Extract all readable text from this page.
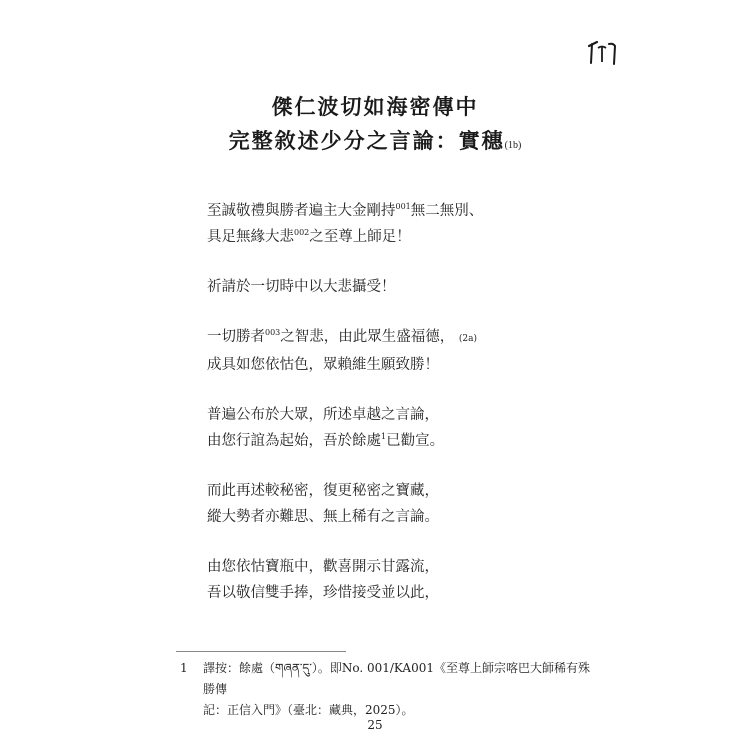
傑仁波切如海密傳中
完整敘述少分之言論：實穗(1b)
至誠敬禮與勝者遍主大金剛持$^{001}$無二無別、
具足無緣大悲$^{002}$之至尊上師足！
祈請於一切時中以大悲攝受！
一切勝者$^{003}$之智悲，由此眾生盛福德， (2a)
成具如您依怙色，眾賴維生願致勝！
普遍公布於大眾，所述卓越之言論，
由您行誼為起始，吾於餘處$^1$已勸宣。
而此再述較秘密，復更秘密之寶藏，
縱大勢者亦難思、無上稀有之言論。
由您依怙寶瓶中，歡喜開示甘露流，
吾以敬信雙手捧，珍惜接受並以此，
1	譯按：餘處（གཞན་དུ་）。即No. 001/KA001《至尊上師宗喀巴大師稀有殊勝傳
記：正信入門》（臺北：藏典，2025）。
25
